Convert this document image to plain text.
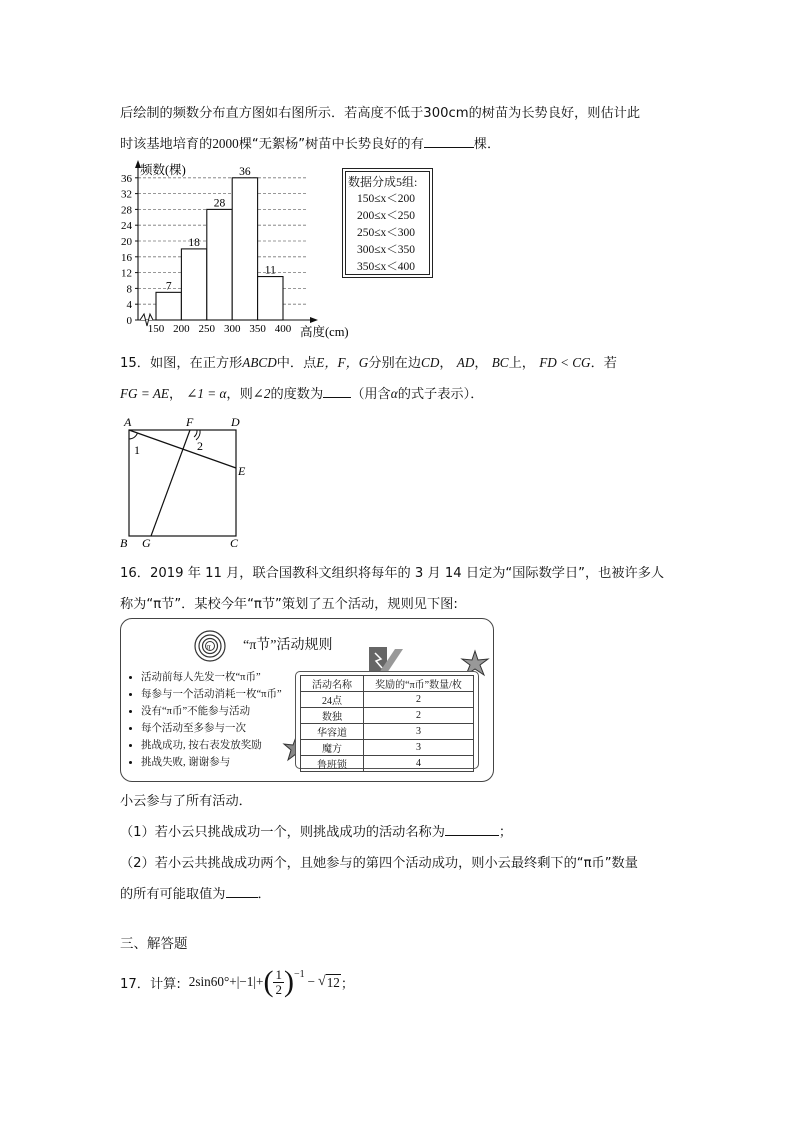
后绘制的频数分布直方图如右图所示．若高度不低于300cm的树苗为长势良好，则估计此
时该基地培育的2000棵“无絮杨”树苗中长势良好的有	棵．
0
4
8
12
16
20
24
28
32
36
7
18
28
36
11
150 200 250 300 350 400
频数(棵)
高度(cm)
数据分成5组:
150≤x＜200
200≤x＜250
250≤x＜300
300≤x＜350
350≤x＜400
15．如图，在正方形ABCD中．点E，F，G分别在边CD， AD， BC上， FD < CG．若
FG = AE， ∠1 = α，则∠2的度数为 （用含α的式子表示）．
A	F	D
E
B G	C
1	2
16．2019 年 11 月，联合国教科文组织将每年的 3 月 14 日定为“国际数学日”，也被许多人
称为“π节”．某校今年“π节”策划了五个活动，规则见下图:
π “π节”活动规则
• 活动前每人先发一枚“π币”
• 每参与一个活动消耗一枚“π币”
• 没有“π币”不能参与活动
• 每个活动至多参与一次
• 挑战成功, 按右表发放奖励
• 挑战失败, 谢谢参与
活动名称	奖励的“π币”数量/枚
24点	2
数独	2
华容道	3
魔方	3
鲁班锁	4
小云参与了所有活动．
（1）若小云只挑战成功一个，则挑战成功的活动名称为	；
（2）若小云共挑战成功两个，且她参与的第四个活动成功，则小云最终剩下的“π币”数量
的所有可能取值为 ．
三、解答题
17．计算: 2sin60°+ |−1|+ ( $\frac{1}{2} )^{-1}$ − √ 12 ；
